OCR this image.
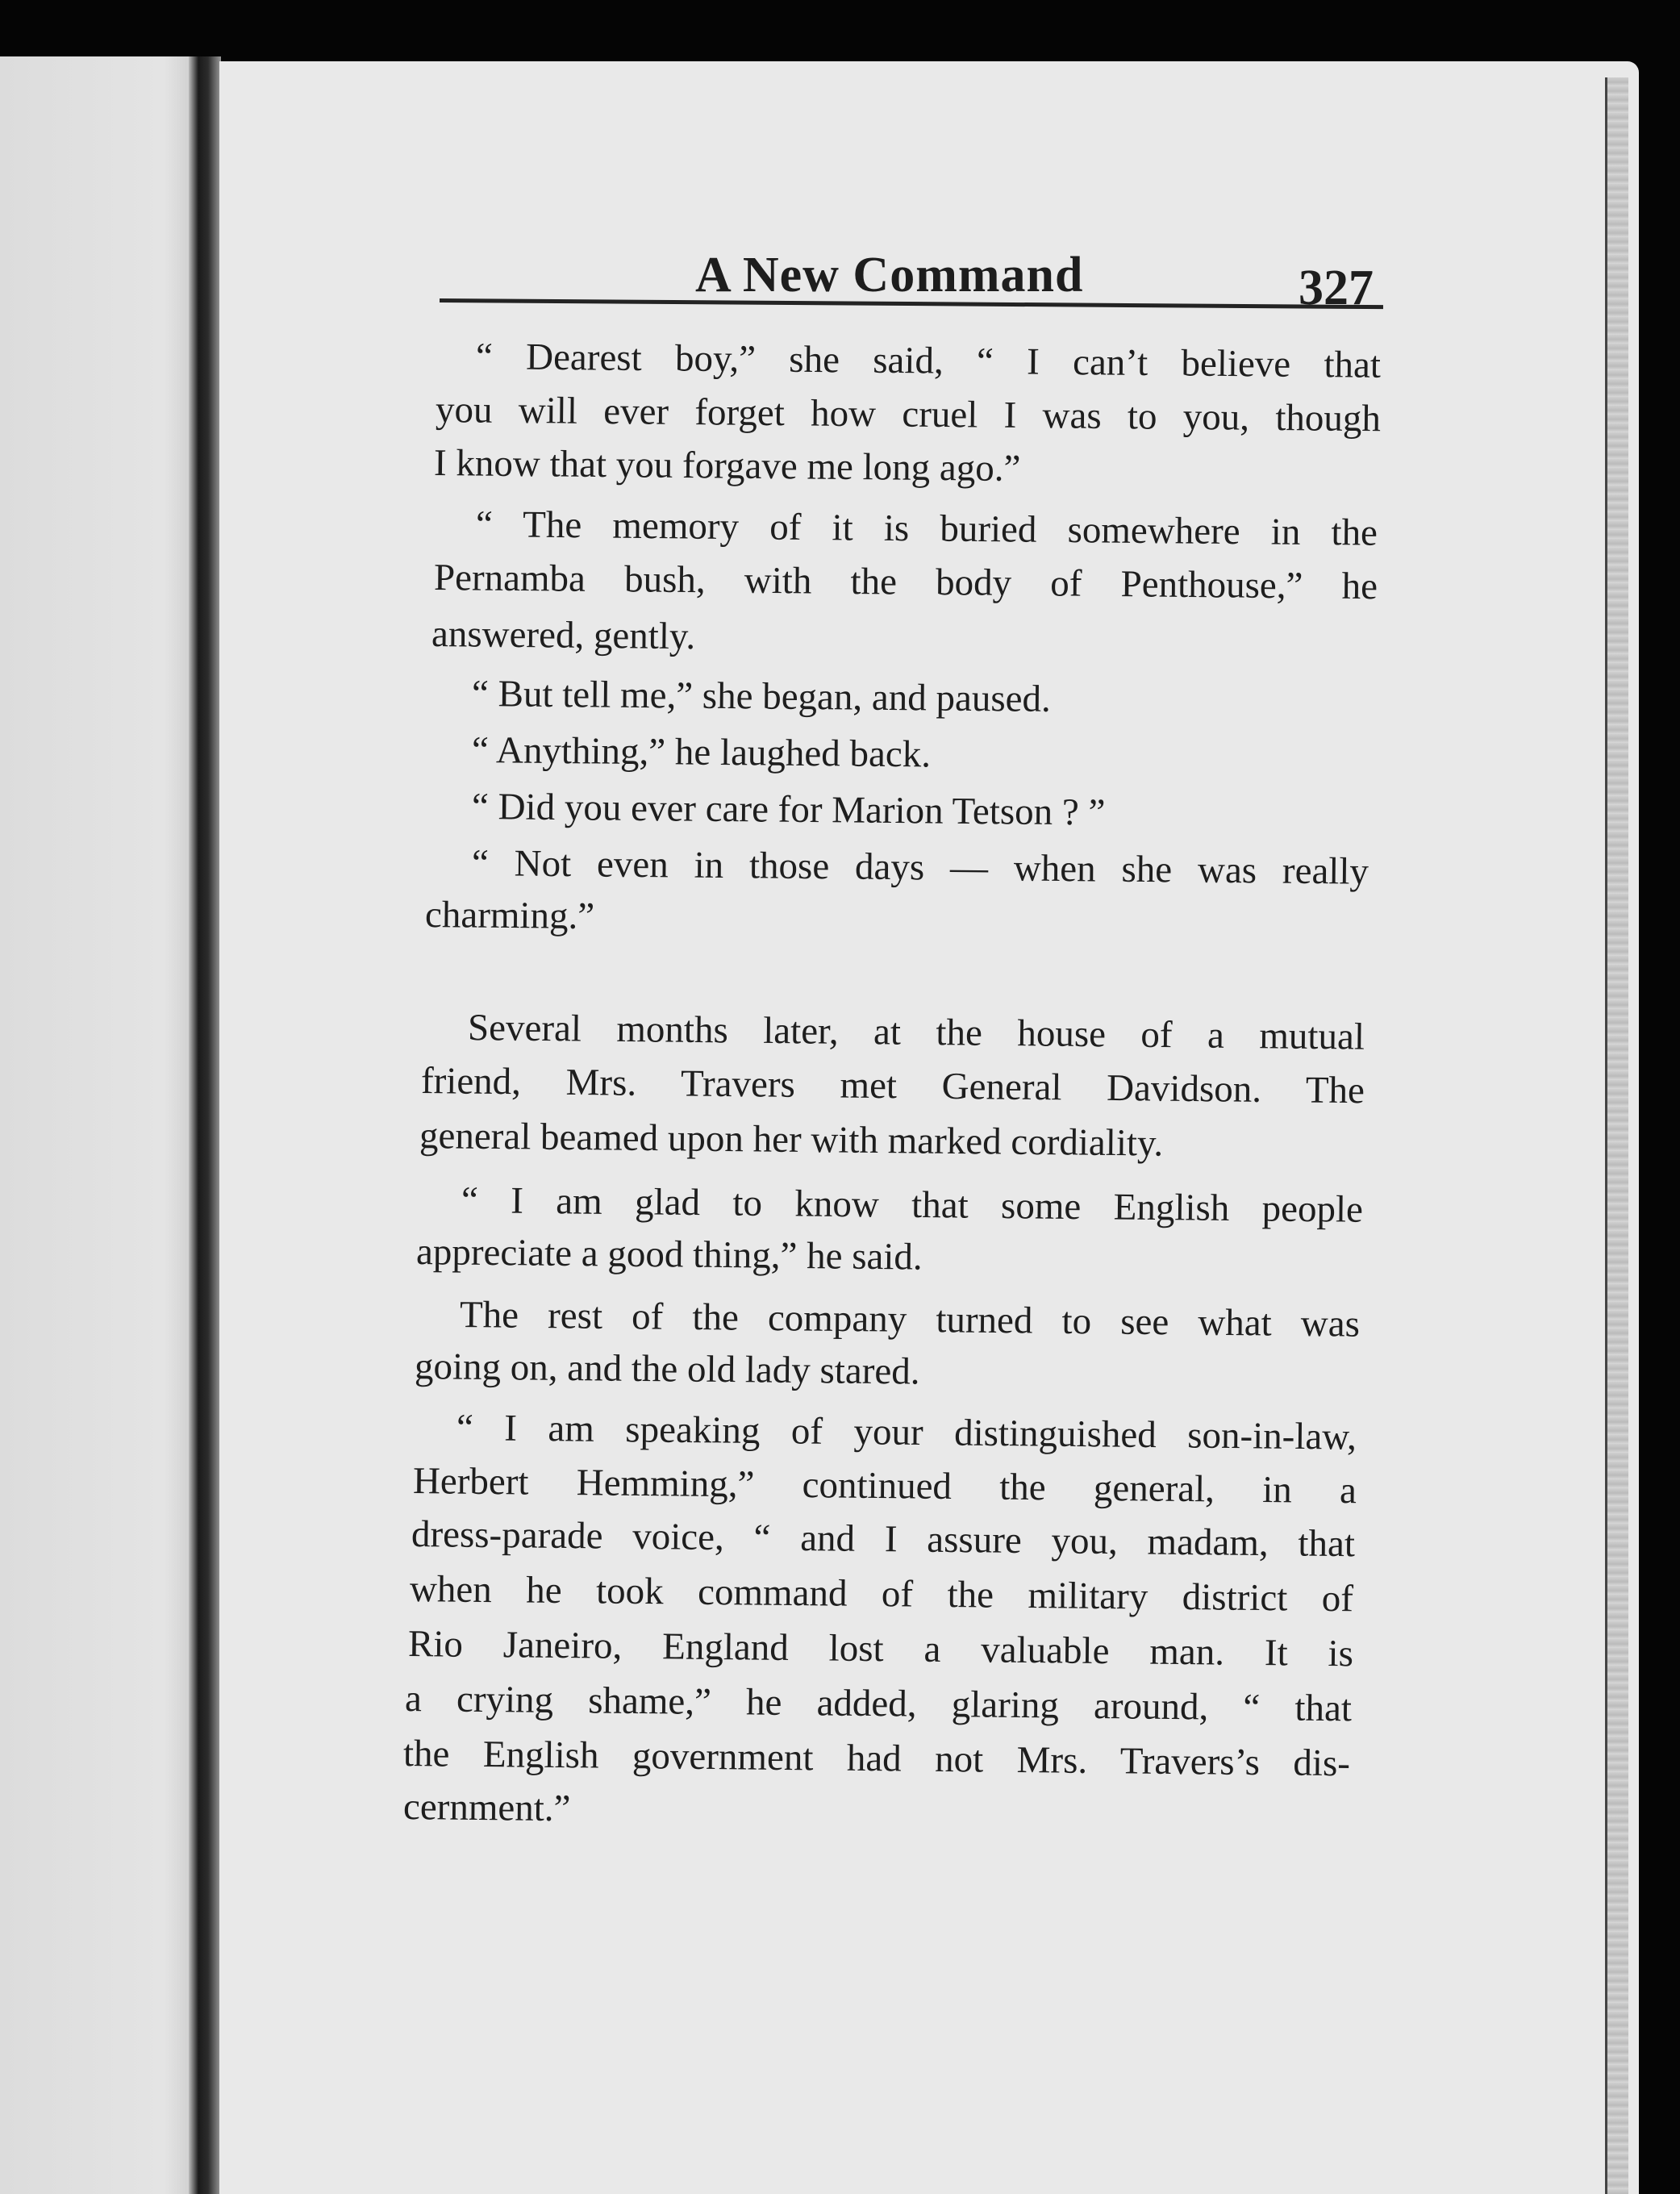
A New Command	327
“ Dearest boy,” she said, “ I can’t believe that
you will ever forget how cruel I was to you, though
I know that you forgave me long ago.”
“ The memory of it is buried somewhere in the
Pernamba bush, with the body of Penthouse,” he
answered, gently.
“ But tell me,” she began, and paused.
“ Anything,” he laughed back.
“ Did you ever care for Marion Tetson ? ”
“ Not even in those days — when she was really
charming.”
Several months later, at the house of a mutual
friend, Mrs. Travers met General Davidson. The
general beamed upon her with marked cordiality.
“ I am glad to know that some English people
appreciate a good thing,” he said.
The rest of the company turned to see what was
going on, and the old lady stared.
“ I am speaking of your distinguished son-in-law,
Herbert Hemming,” continued the general, in a
dress-parade voice, “ and I assure you, madam, that
when he took command of the military district of
Rio Janeiro, England lost a valuable man. It is
a crying shame,” he added, glaring around, “ that
the English government had not Mrs. Travers’s dis-
cernment.”
